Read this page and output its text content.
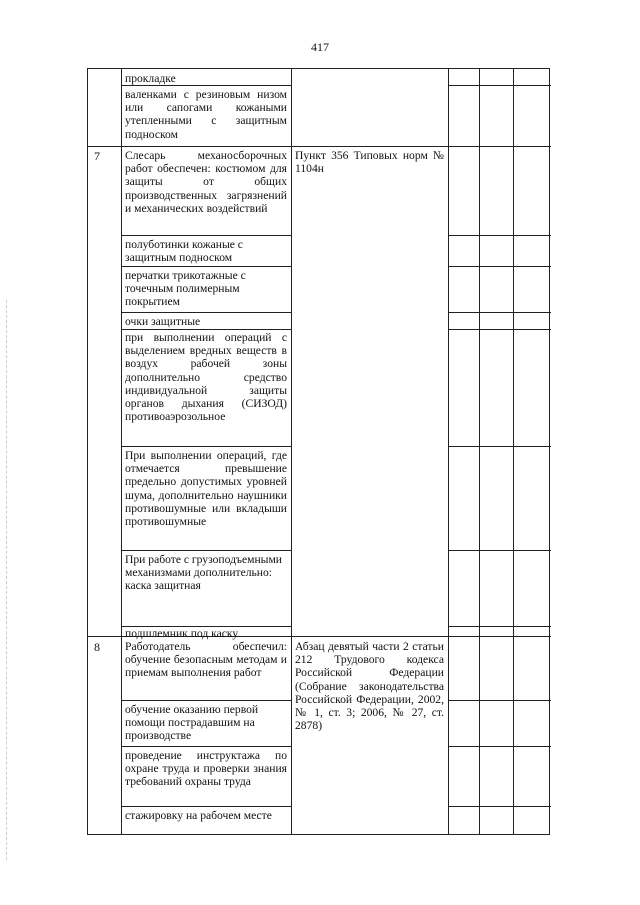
417
прокладке
валенками с резиновым низом или сапогами кожаными утепленными с защитным подноском
7	Слесарь механосборочных работ обеспечен: костюмом для защиты от общих производственных загрязнений и механических воздействий
полуботинки кожаные с защитным подноском
перчатки трикотажные с точечным полимерным покрытием
очки защитные
при выполнении операций с выделением вредных веществ в воздух рабочей зоны дополнительно средство индивидуальной защиты органов дыхания (СИЗОД) противоаэрозольное
При выполнении операций, где отмечается превышение предельно допустимых уровней шума, дополнительно наушники противошумные или вкладыши противошумные
При работе с грузоподъемными механизмами дополнительно: каска защитная
подшлемник под каску
Пункт 356 Типовых норм № 1104н
8	Работодатель обеспечил: обучение безопасным методам и приемам выполнения работ
обучение оказанию первой помощи пострадавшим на производстве
проведение инструктажа по охране труда и проверки знания требований охраны труда
стажировку на рабочем месте
Абзац девятый части 2 статьи 212 Трудового кодекса Российской Федерации (Собрание законодательства Российской Федерации, 2002, № 1, ст. 3; 2006, № 27, ст. 2878)
